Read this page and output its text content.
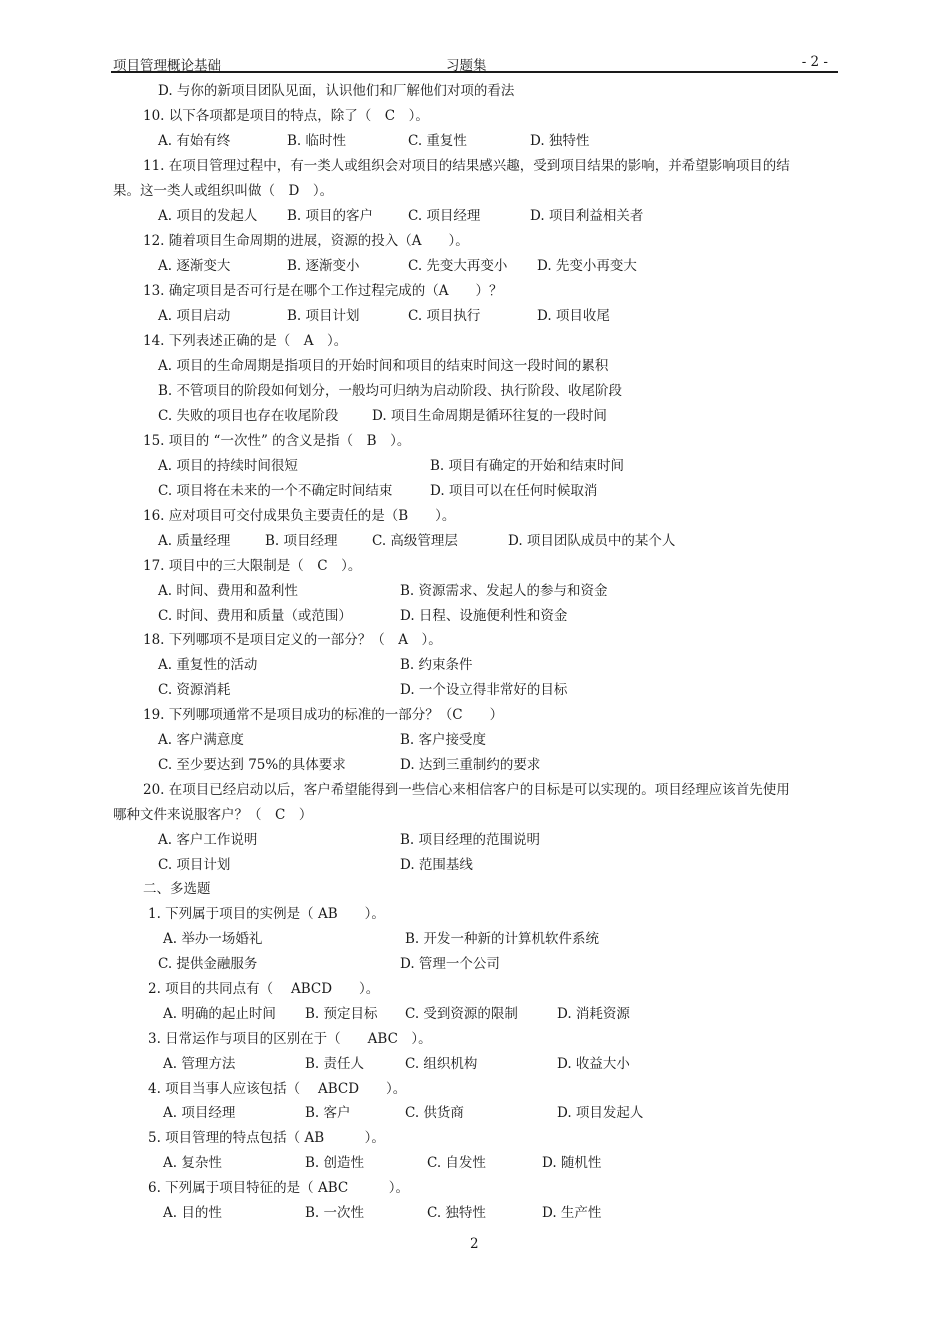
项目管理概论基础	习题集	- 2 -
D. 与你的新项目团队见面，认识他们和厂解他们对项的看法
10. 以下各项都是项目的特点，除了（　C　）。
A. 有始有终	B. 临时性	C. 重复性	D. 独特性
11. 在项目管理过程中，有一类人或组织会对项目的结果感兴趣，受到项目结果的影响，并希望影响项目的结
果。这一类人或组织叫做（　D　）。
A. 项目的发起人 B. 项目的客户	C. 项目经理	D. 项目利益相关者
12. 随着项目生命周期的进展，资源的投入（A　　）。
A. 逐渐变大	B. 逐渐变小	C. 先变大再变小 D. 先变小再变大
13. 确定项目是否可行是在哪个工作过程完成的（A　　）？
A. 项目启动	B. 项目计划	C. 项目执行	D. 项目收尾
14. 下列表述正确的是（　A　）。
A. 项目的生命周期是指项目的开始时间和项目的结束时间这一段时间的累积
B. 不管项目的阶段如何划分，一般均可归纳为启动阶段、执行阶段、收尾阶段
C. 失败的项目也存在收尾阶段 D. 项目生命周期是循环往复的一段时间
15. 项目的 “一次性” 的含义是指（　B　）。
A. 项目的持续时间很短	B. 项目有确定的开始和结束时间
C. 项目将在未来的一个不确定时间结束	D. 项目可以在任何时候取消
16. 应对项目可交付成果负主要责任的是（B　　）。
A. 质量经理	B. 项目经理	C. 高级管理层	D. 项目团队成员中的某个人
17. 项目中的三大限制是（　C　）。
A. 时间、费用和盈利性	B. 资源需求、发起人的参与和资金
C. 时间、费用和质量（或范围）	D. 日程、设施便利性和资金
18. 下列哪项不是项目定义的一部分？（　A　）。
A. 重复性的活动	B. 约束条件
C. 资源消耗	D. 一个设立得非常好的目标
19. 下列哪项通常不是项目成功的标准的一部分？（C　　）
A. 客户满意度	B. 客户接受度
C. 至少要达到 75%的具体要求	D. 达到三重制约的要求
20. 在项目已经启动以后，客户希望能得到一些信心来相信客户的目标是可以实现的。项目经理应该首先使用
哪种文件来说服客户？（　C　）
A. 客户工作说明	B. 项目经理的范围说明
C. 项目计划	D. 范围基线
二、多选题
1. 下列属于项目的实例是（ AB　　）。
A. 举办一场婚礼	B. 开发一种新的计算机软件系统
C. 提供金融服务	D. 管理一个公司
2. 项目的共同点有（　 ABCD　　）。
A. 明确的起止时间 B. 预定目标 C. 受到资源的限制	D. 消耗资源
3. 日常运作与项目的区别在于（　　ABC　）。
A. 管理方法	B. 责任人	C. 组织机构	D. 收益大小
4. 项目当事人应该包括（　 ABCD　　）。
A. 项目经理	B. 客户	C. 供货商	D. 项目发起人
5. 项目管理的特点包括（ AB　　　）。
A. 复杂性	B. 创造性	C. 自发性	D. 随机性
6. 下列属于项目特征的是（ ABC　　　）。
A. 目的性	B. 一次性	C. 独特性	D. 生产性
2
